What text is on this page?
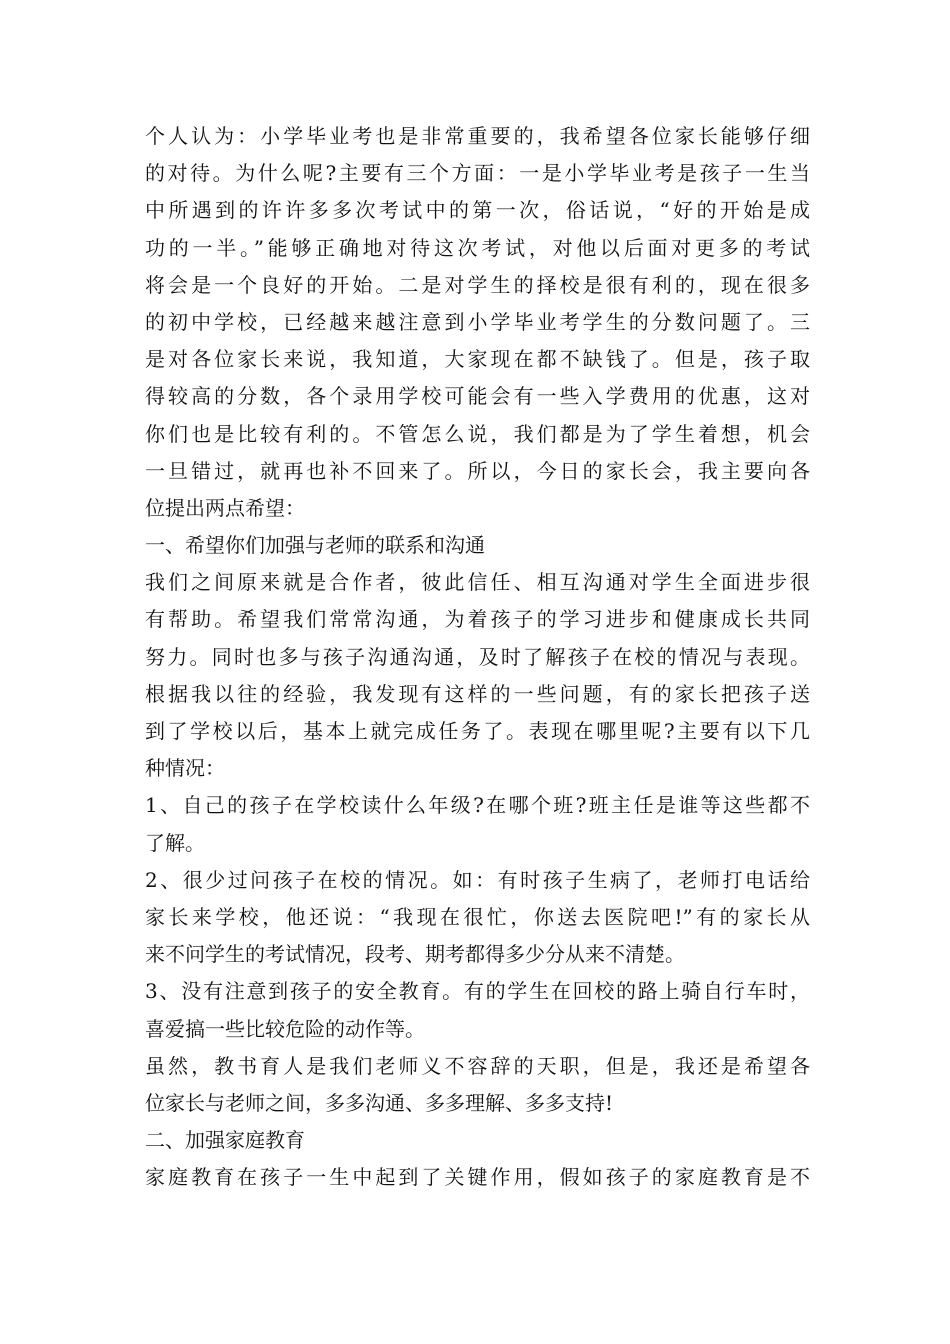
个人认为：小学毕业考也是非常重要的，我希望各位家长能够仔细
的对待。为什么呢?主要有三个方面：一是小学毕业考是孩子一生当
中所遇到的许许多多次考试中的第一次，俗话说，“好的开始是成
功的一半。”能够正确地对待这次考试，对他以后面对更多的考试
将会是一个良好的开始。二是对学生的择校是很有利的，现在很多
的初中学校，已经越来越注意到小学毕业考学生的分数问题了。三
是对各位家长来说，我知道，大家现在都不缺钱了。但是，孩子取
得较高的分数，各个录用学校可能会有一些入学费用的优惠，这对
你们也是比较有利的。不管怎么说，我们都是为了学生着想，机会
一旦错过，就再也补不回来了。所以，今日的家长会，我主要向各
位提出两点希望：
一、希望你们加强与老师的联系和沟通
我们之间原来就是合作者，彼此信任、相互沟通对学生全面进步很
有帮助。希望我们常常沟通，为着孩子的学习进步和健康成长共同
努力。同时也多与孩子沟通沟通，及时了解孩子在校的情况与表现。
根据我以往的经验，我发现有这样的一些问题，有的家长把孩子送
到了学校以后，基本上就完成任务了。表现在哪里呢?主要有以下几
种情况：
1、自己的孩子在学校读什么年级?在哪个班?班主任是谁等这些都不
了解。
2、很少过问孩子在校的情况。如：有时孩子生病了，老师打电话给
家长来学校，他还说：“我现在很忙，你送去医院吧!”有的家长从
来不问学生的考试情况，段考、期考都得多少分从来不清楚。
3、没有注意到孩子的安全教育。有的学生在回校的路上骑自行车时，
喜爱搞一些比较危险的动作等。
虽然，教书育人是我们老师义不容辞的天职，但是，我还是希望各
位家长与老师之间，多多沟通、多多理解、多多支持!
二、加强家庭教育
家庭教育在孩子一生中起到了关键作用，假如孩子的家庭教育是不
